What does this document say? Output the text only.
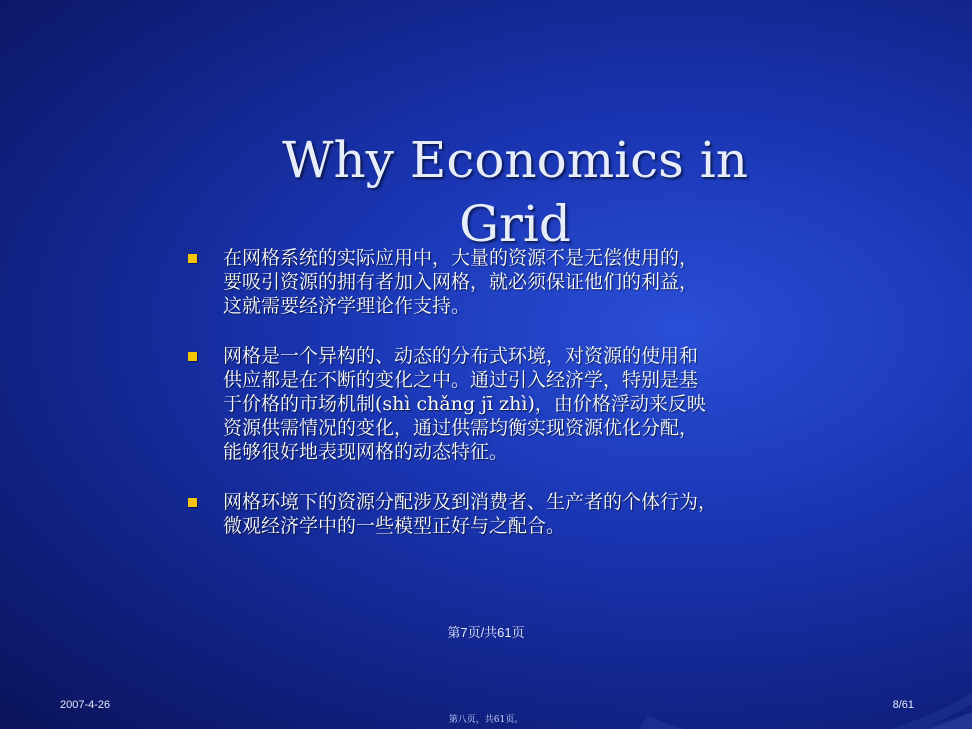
Why Economics in Grid
在网格系统的实际应用中，大量的资源不是无偿使用的，
要吸引资源的拥有者加入网格，就必须保证他们的利益，
这就需要经济学理论作支持。
网格是一个异构的、动态的分布式环境，对资源的使用和
供应都是在不断的变化之中。通过引入经济学，特别是基
于价格的市场机制(shì chǎng jī zhì)，由价格浮动来反映
资源供需情况的变化，通过供需均衡实现资源优化分配，
能够很好地表现网格的动态特征。
网格环境下的资源分配涉及到消费者、生产者的个体行为，
微观经济学中的一些模型正好与之配合。
第7页/共61页
2007-4-26	8/61
第八页，共61页。
